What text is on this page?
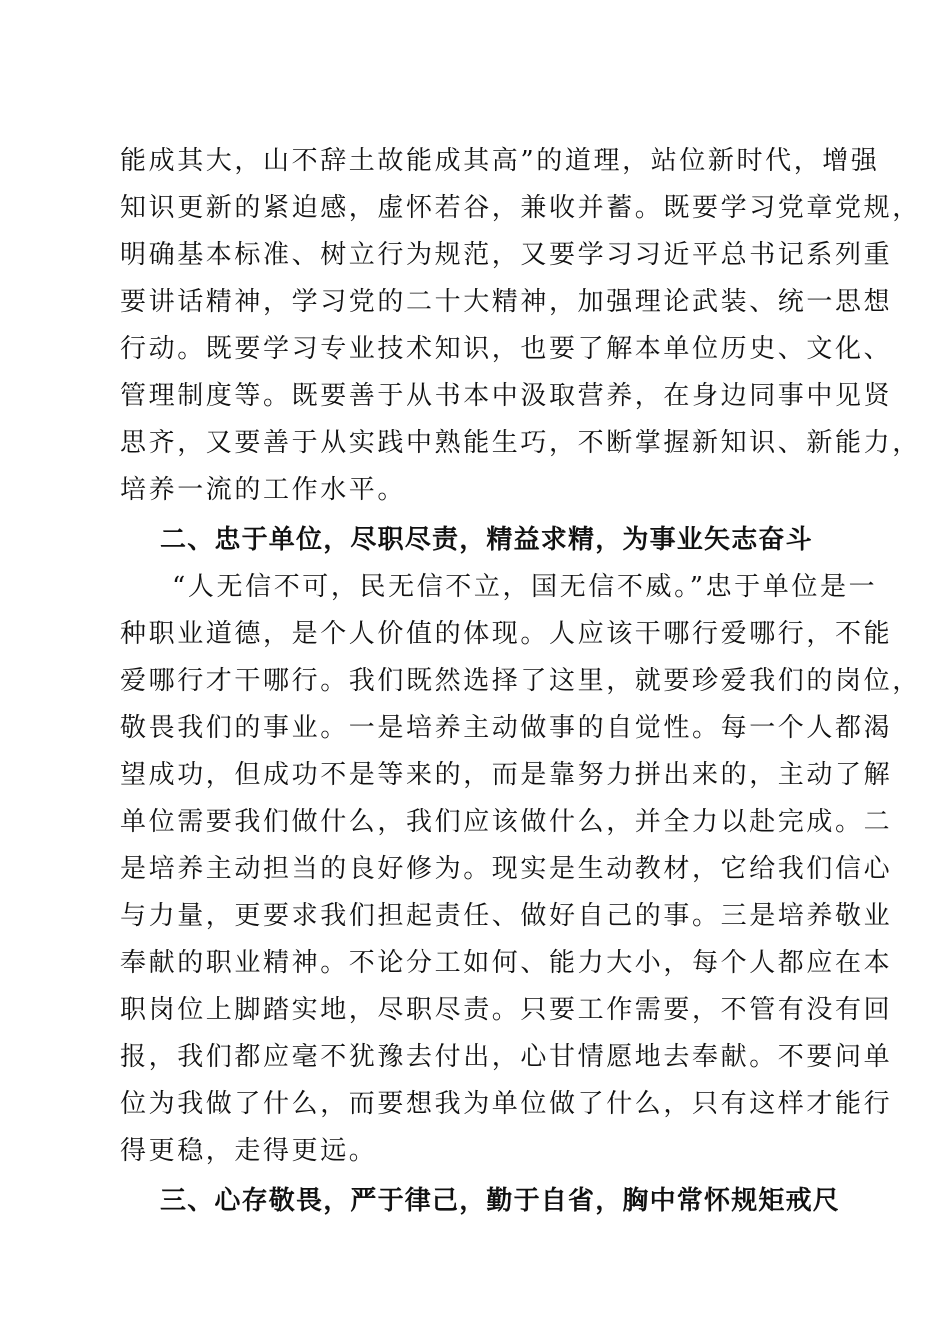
能成其大，山不辞土故能成其高”的道理，站位新时代，增强
知识更新的紧迫感，虚怀若谷，兼收并蓄。既要学习党章党规，
明确基本标准、树立行为规范，又要学习习近平总书记系列重
要讲话精神，学习党的二十大精神，加强理论武装、统一思想
行动。既要学习专业技术知识，也要了解本单位历史、文化、
管理制度等。既要善于从书本中汲取营养，在身边同事中见贤
思齐，又要善于从实践中熟能生巧，不断掌握新知识、新能力，
培养一流的工作水平。
二、忠于单位，尽职尽责，精益求精，为事业矢志奋斗
“人无信不可，民无信不立，国无信不威。”忠于单位是一
种职业道德，是个人价值的体现。人应该干哪行爱哪行，不能
爱哪行才干哪行。我们既然选择了这里，就要珍爱我们的岗位，
敬畏我们的事业。一是培养主动做事的自觉性。每一个人都渴
望成功，但成功不是等来的，而是靠努力拼出来的，主动了解
单位需要我们做什么，我们应该做什么，并全力以赴完成。二
是培养主动担当的良好修为。现实是生动教材，它给我们信心
与力量，更要求我们担起责任、做好自己的事。三是培养敬业
奉献的职业精神。不论分工如何、能力大小，每个人都应在本
职岗位上脚踏实地，尽职尽责。只要工作需要，不管有没有回
报，我们都应毫不犹豫去付出，心甘情愿地去奉献。不要问单
位为我做了什么，而要想我为单位做了什么，只有这样才能行
得更稳，走得更远。
三、心存敬畏，严于律己，勤于自省，胸中常怀规矩戒尺
